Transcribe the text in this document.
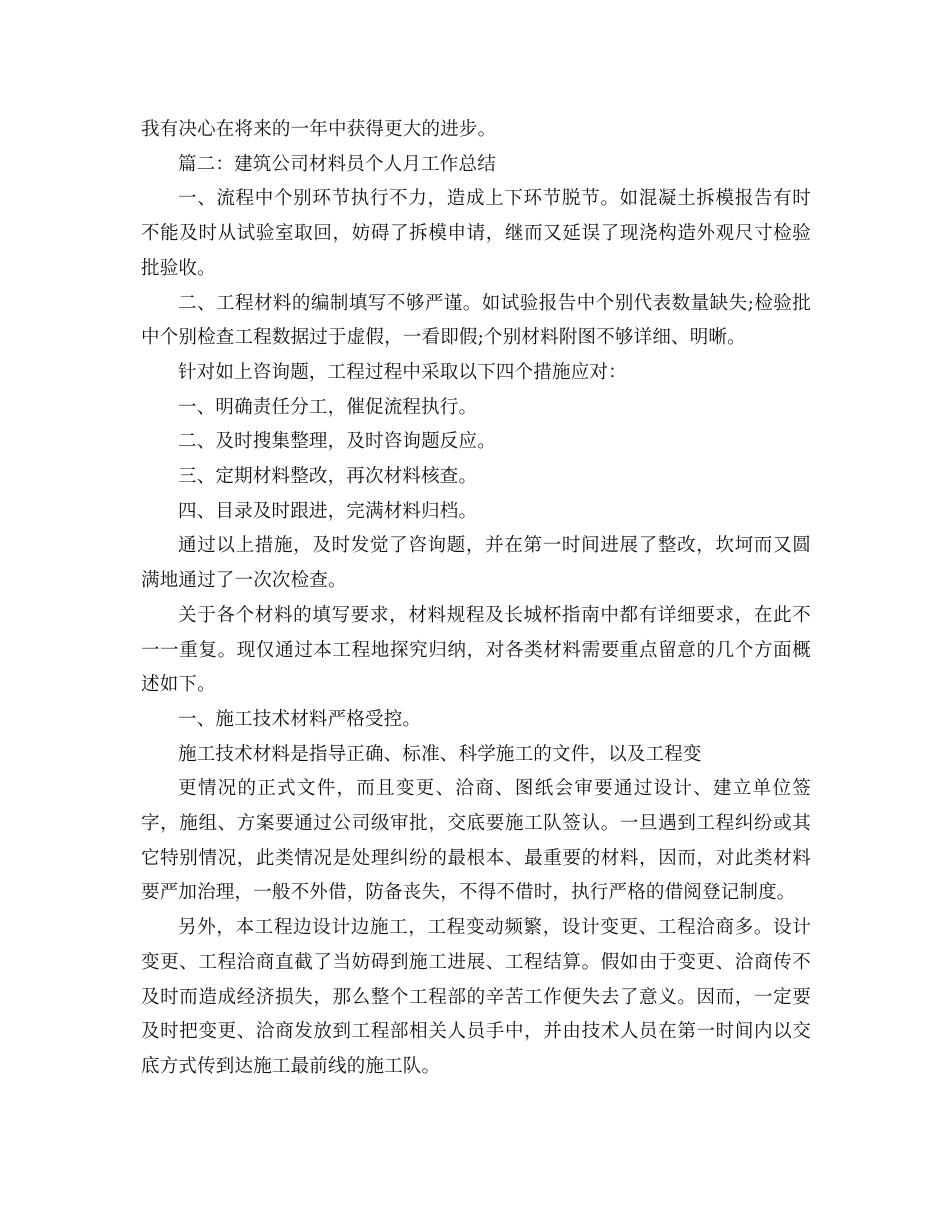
我有决心在将来的一年中获得更大的进步。

篇二：建筑公司材料员个人月工作总结

一、流程中个别环节执行不力，造成上下环节脱节。如混凝土拆模报告有时不能及时从试验室取回，妨碍了拆模申请，继而又延误了现浇构造外观尺寸检验批验收。

二、工程材料的编制填写不够严谨。如试验报告中个别代表数量缺失;检验批中个别检查工程数据过于虚假，一看即假;个别材料附图不够详细、明晰。

针对如上咨询题，工程过程中采取以下四个措施应对：

一、明确责任分工，催促流程执行。

二、及时搜集整理，及时咨询题反应。

三、定期材料整改，再次材料核查。

四、目录及时跟进，完满材料归档。

通过以上措施，及时发觉了咨询题，并在第一时间进展了整改，坎坷而又圆满地通过了一次次检查。

关于各个材料的填写要求，材料规程及长城杯指南中都有详细要求，在此不一一重复。现仅通过本工程地探究归纳，对各类材料需要重点留意的几个方面概述如下。

一、施工技术材料严格受控。

施工技术材料是指导正确、标准、科学施工的文件，以及工程变

更情况的正式文件，而且变更、洽商、图纸会审要通过设计、建立单位签字，施组、方案要通过公司级审批，交底要施工队签认。一旦遇到工程纠纷或其它特别情况，此类情况是处理纠纷的最根本、最重要的材料，因而，对此类材料要严加治理，一般不外借，防备丧失，不得不借时，执行严格的借阅登记制度。

另外，本工程边设计边施工，工程变动频繁，设计变更、工程洽商多。设计变更、工程洽商直截了当妨碍到施工进展、工程结算。假如由于变更、洽商传不及时而造成经济损失，那么整个工程部的辛苦工作便失去了意义。因而，一定要及时把变更、洽商发放到工程部相关人员手中，并由技术人员在第一时间内以交底方式传到达施工最前线的施工队。
